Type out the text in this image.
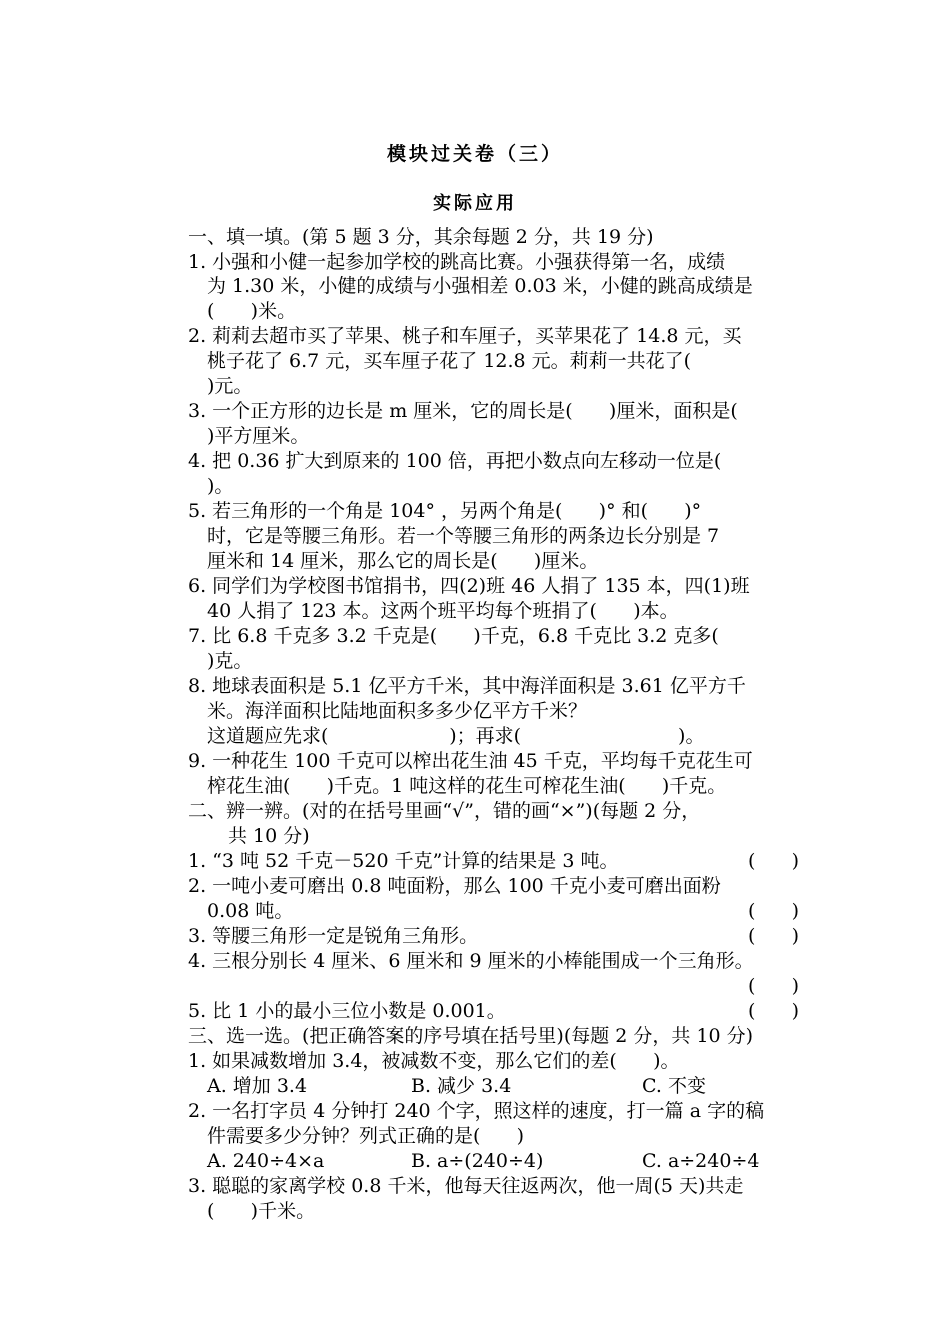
模块过关卷（三）
实际应用
一、填一填。(第 5 题 3 分，其余每题 2 分，共 19 分)
1. 小强和小健一起参加学校的跳高比赛。小强获得第一名，成绩
为 1.30 米，小健的成绩与小强相差 0.03 米，小健的跳高成绩是
(      )米。
2. 莉莉去超市买了苹果、桃子和车厘子，买苹果花了 14.8 元，买
桃子花了 6.7 元，买车厘子花了 12.8 元。莉莉一共花了(
)元。
3. 一个正方形的边长是 m 厘米，它的周长是(      )厘米，面积是(
)平方厘米。
4. 把 0.36 扩大到原来的 100 倍，再把小数点向左移动一位是(
)。
5. 若三角形的一个角是 104° ，另两个角是(      )° 和(      )°
时，它是等腰三角形。若一个等腰三角形的两条边长分别是 7
厘米和 14 厘米，那么它的周长是(      )厘米。
6. 同学们为学校图书馆捐书，四(2)班 46 人捐了 135 本，四(1)班
40 人捐了 123 本。这两个班平均每个班捐了(      )本。
7. 比 6.8 千克多 3.2 千克是(      )千克，6.8 千克比 3.2 克多(
)克。
8. 地球表面积是 5.1 亿平方千米，其中海洋面积是 3.61 亿平方千
米。海洋面积比陆地面积多多少亿平方千米？
这道题应先求(                    )；再求(                          )。
9. 一种花生 100 千克可以榨出花生油 45 千克，平均每千克花生可
榨花生油(      )千克。1 吨这样的花生可榨花生油(      )千克。
二、辨一辨。(对的在括号里画“√”，错的画“×”)(每题 2 分，
共 10 分)
1. “3 吨 52 千克－520 千克”计算的结果是 3 吨。	(      )
2. 一吨小麦可磨出 0.8 吨面粉，那么 100 千克小麦可磨出面粉
0.08 吨。	(      )
3. 等腰三角形一定是锐角三角形。	(      )
4. 三根分别长 4 厘米、6 厘米和 9 厘米的小棒能围成一个三角形。
(      )
5. 比 1 小的最小三位小数是 0.001。	(      )
三、选一选。(把正确答案的序号填在括号里)(每题 2 分，共 10 分)
1. 如果减数增加 3.4，被减数不变，那么它们的差(      )。
A. 增加 3.4	B. 减少 3.4	C. 不变
2. 一名打字员 4 分钟打 240 个字，照这样的速度，打一篇 a 字的稿
件需要多少分钟？列式正确的是(      )
A. 240÷4×a	B. a÷(240÷4)	C. a÷240÷4
3. 聪聪的家离学校 0.8 千米，他每天往返两次，他一周(5 天)共走
(      )千米。
